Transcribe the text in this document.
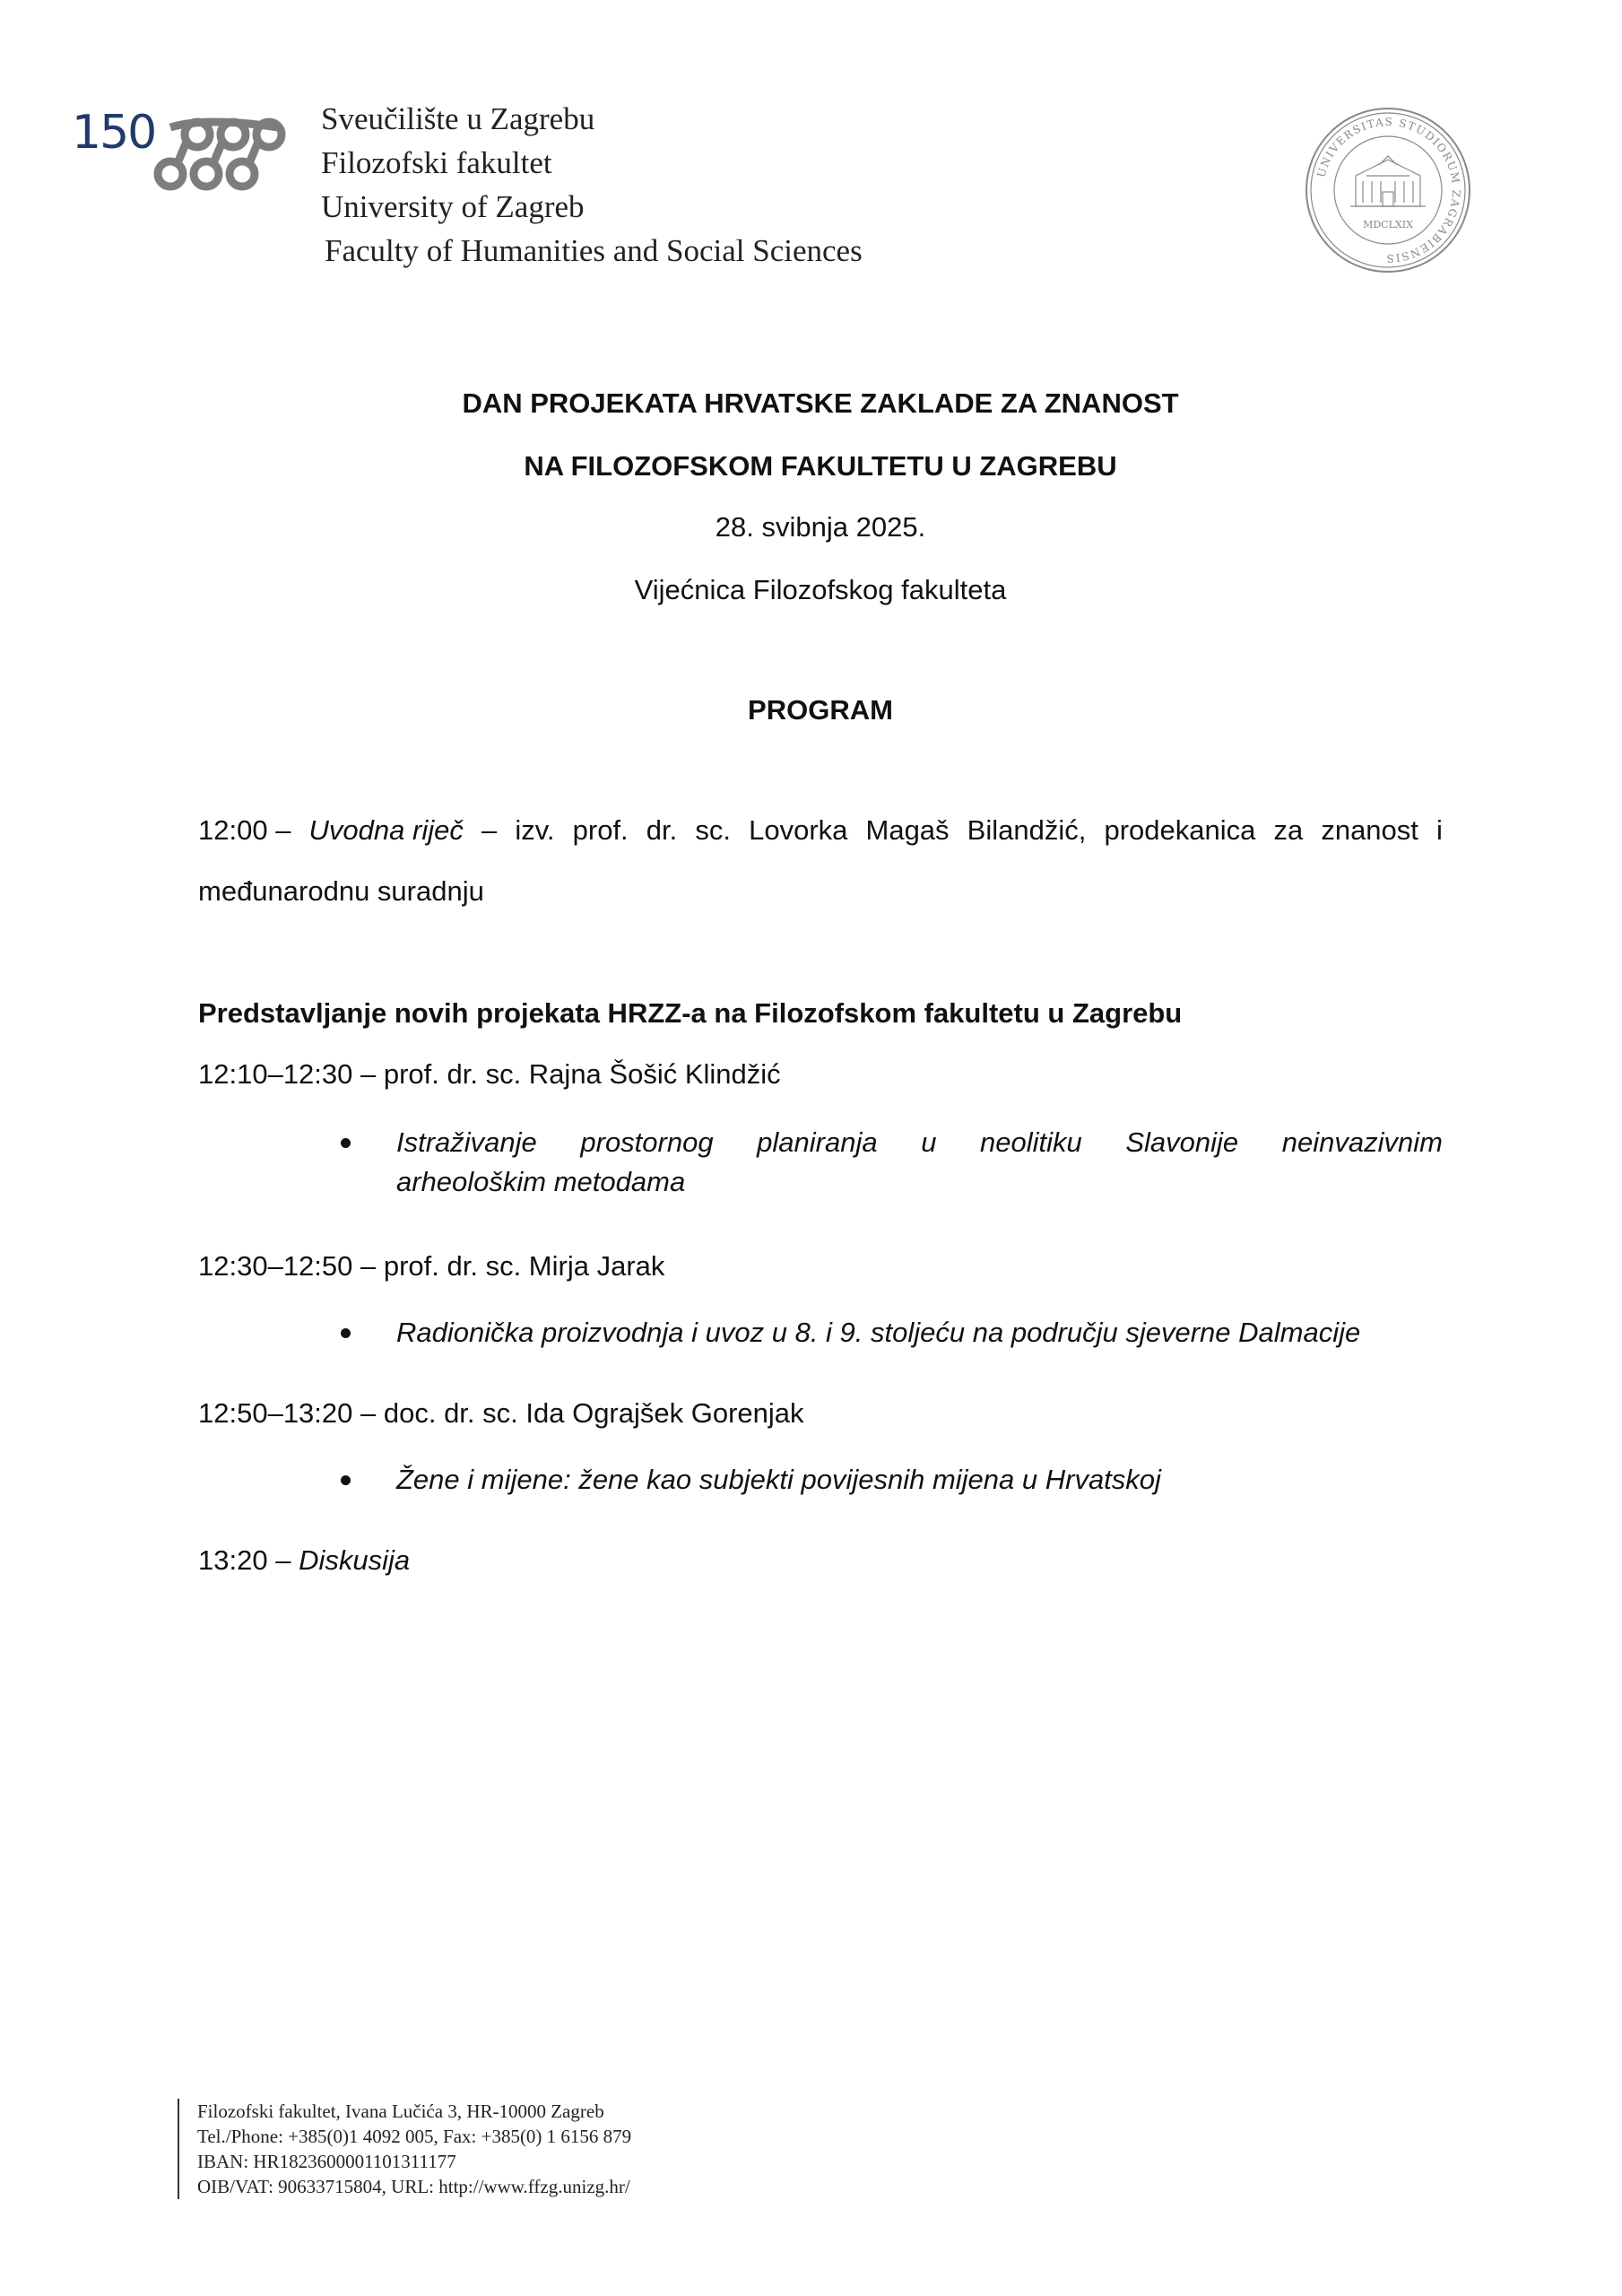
150	Sveučilište u Zagrebu
Filozofski fakultet
University of Zagreb
Faculty of Humanities and Social Sciences
UNIVERSITAS STUDIORUM ZAGRABIENSIS
MDCLXIX
DAN PROJEKATA HRVATSKE ZAKLADE ZA ZNANOST
NA FILOZOFSKOM FAKULTETU U ZAGREBU
28. svibnja 2025.
Vijećnica Filozofskog fakulteta
PROGRAM
12:00 – Uvodna riječ – izv. prof. dr. sc. Lovorka Magaš Bilandžić, prodekanica za znanost i
međunarodnu suradnju
Predstavljanje novih projekata HRZZ-a na Filozofskom fakultetu u Zagrebu
12:10–12:30 – prof. dr. sc. Rajna Šošić Klindžić
Istraživanje prostornog planiranja u neolitiku Slavonije neinvazivnim
arheološkim metodama
12:30–12:50 – prof. dr. sc. Mirja Jarak
Radionička proizvodnja i uvoz u 8. i 9. stoljeću na području sjeverne Dalmacije
12:50–13:20 – doc. dr. sc. Ida Ograjšek Gorenjak
Žene i mijene: žene kao subjekti povijesnih mijena u Hrvatskoj
13:20 – Diskusija
Filozofski fakultet, Ivana Lučića 3, HR-10000 Zagreb
Tel./Phone: +385(0)1 4092 005, Fax: +385(0) 1 6156 879
IBAN: HR1823600001101311177
OIB/VAT: 90633715804, URL: http://www.ffzg.unizg.hr/
